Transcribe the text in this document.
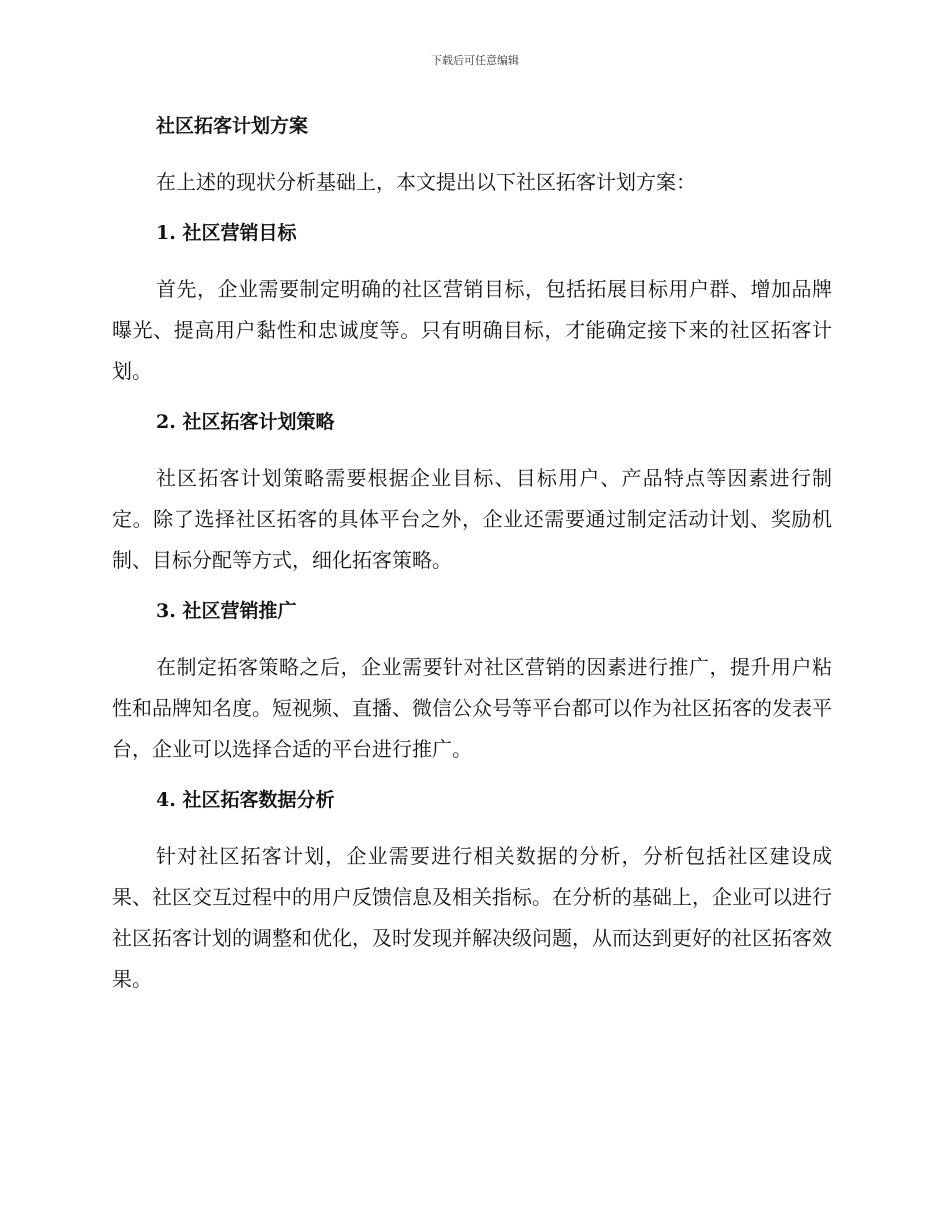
下载后可任意编辑
社区拓客计划方案

在上述的现状分析基础上，本文提出以下社区拓客计划方案：

1. 社区营销目标

首先，企业需要制定明确的社区营销目标，包括拓展目标用户群、增加品牌曝光、提高用户黏性和忠诚度等。只有明确目标，才能确定接下来的社区拓客计划。

2. 社区拓客计划策略

社区拓客计划策略需要根据企业目标、目标用户、产品特点等因素进行制定。除了选择社区拓客的具体平台之外，企业还需要通过制定活动计划、奖励机制、目标分配等方式，细化拓客策略。

3. 社区营销推广

在制定拓客策略之后，企业需要针对社区营销的因素进行推广，提升用户粘性和品牌知名度。短视频、直播、微信公众号等平台都可以作为社区拓客的发表平台，企业可以选择合适的平台进行推广。

4. 社区拓客数据分析

针对社区拓客计划，企业需要进行相关数据的分析，分析包括社区建设成果、社区交互过程中的用户反馈信息及相关指标。在分析的基础上，企业可以进行社区拓客计划的调整和优化，及时发现并解决级问题，从而达到更好的社区拓客效果。
